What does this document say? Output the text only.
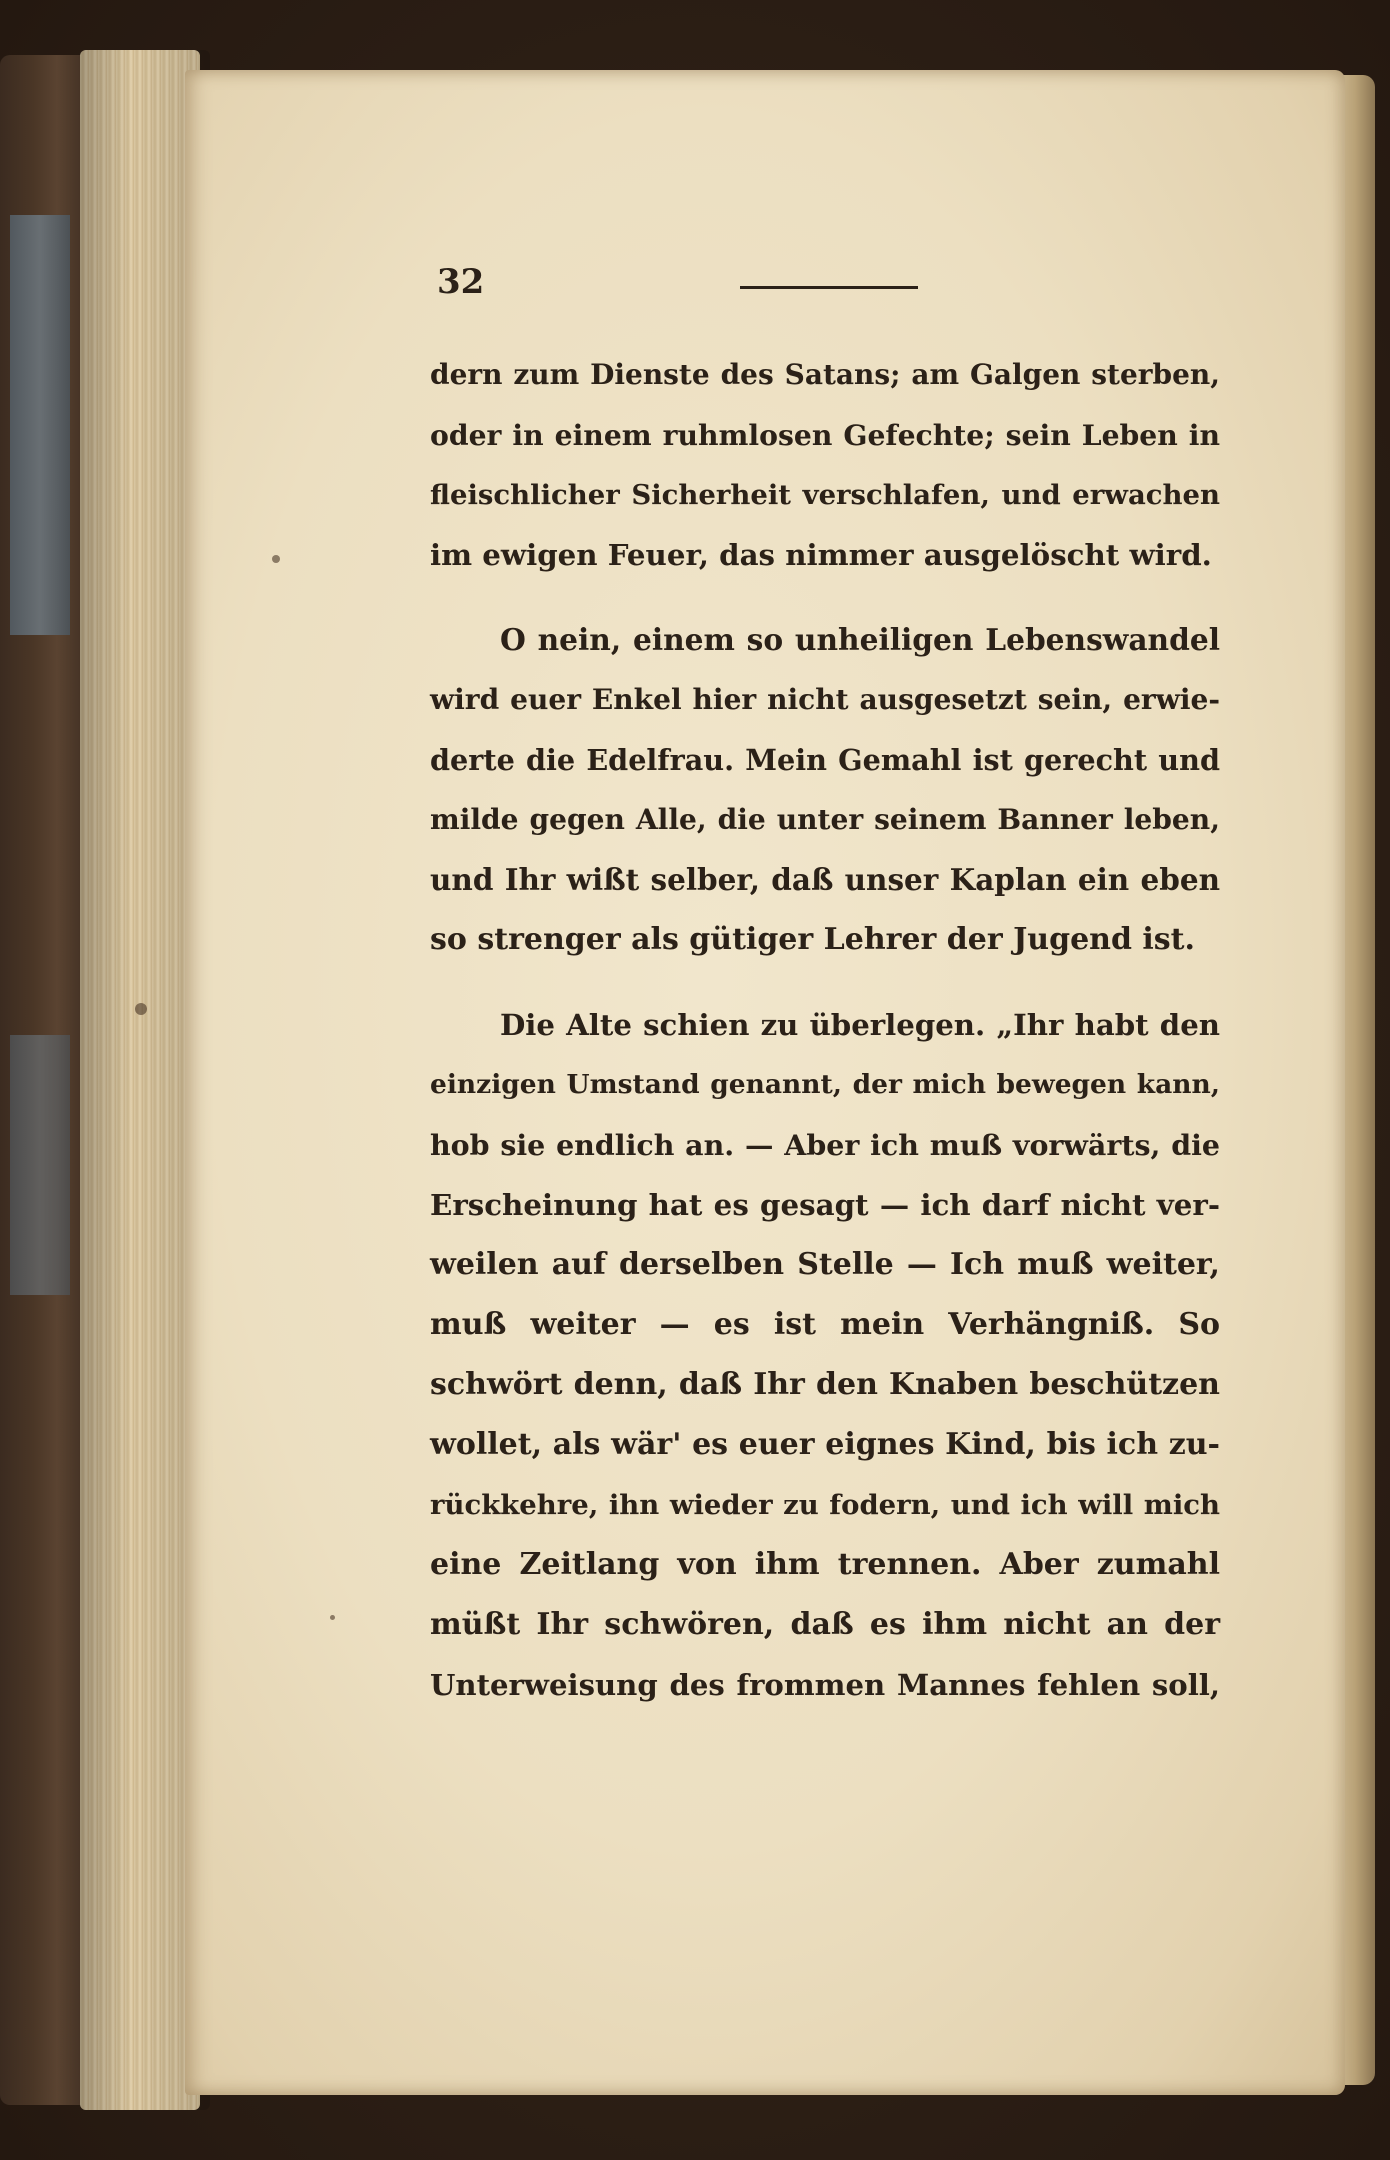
32
dern zum Dienste des Satans; am Galgen sterben,
oder in einem ruhmlosen Gefechte; sein Leben in
fleischlicher Sicherheit verschlafen, und erwachen
im ewigen Feuer, das nimmer ausgelöscht wird.
O nein, einem so unheiligen Lebenswandel
wird euer Enkel hier nicht ausgesetzt sein, erwie-
derte die Edelfrau. Mein Gemahl ist gerecht und
milde gegen Alle, die unter seinem Banner leben,
und Ihr wißt selber, daß unser Kaplan ein eben
so strenger als gütiger Lehrer der Jugend ist.
Die Alte schien zu überlegen. „Ihr habt den
einzigen Umstand genannt, der mich bewegen kann,
hob sie endlich an. — Aber ich muß vorwärts, die
Erscheinung hat es gesagt — ich darf nicht ver-
weilen auf derselben Stelle — Ich muß weiter,
muß weiter — es ist mein Verhängniß. So
schwört denn, daß Ihr den Knaben beschützen
wollet, als wär' es euer eignes Kind, bis ich zu-
rückkehre, ihn wieder zu fodern, und ich will mich
eine Zeitlang von ihm trennen. Aber zumahl
müßt Ihr schwören, daß es ihm nicht an der
Unterweisung des frommen Mannes fehlen soll,
